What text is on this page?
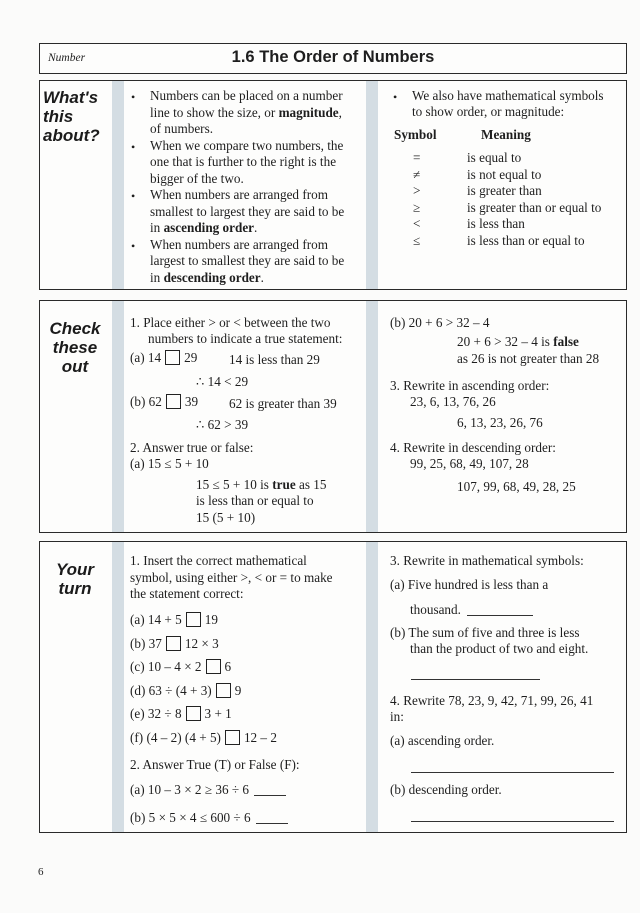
Number	1.6 The Order of Numbers
What's
this
about?
• Numbers can be placed on a number
line to show the size, or magnitude,
of numbers.
• When we compare two numbers, the
one that is further to the right is the
bigger of the two.
• When numbers are arranged from
smallest to largest they are said to be
in ascending order.
• When numbers are arranged from
largest to smallest they are said to be
in descending order.
• We also have mathematical symbols
to show order, or magnitude:
Symbol	Meaning
=	is equal to
≠	is not equal to
>	is greater than
≥	is greater than or equal to
<	is less than
≤	is less than or equal to
Check
these
out
1. Place either > or < between the two
numbers to indicate a true statement:
(a) 14 29 14 is less than 29
∴ 14 < 29
(b) 62 39 62 is greater than 39
∴ 62 > 39
2. Answer true or false:
(a) 15 ≤ 5 + 10
15 ≤ 5 + 10 is true as 15
is less than or equal to
15 (5 + 10)
(b) 20 + 6 > 32 – 4
20 + 6 > 32 – 4 is false
as 26 is not greater than 28
3. Rewrite in ascending order:
23, 6, 13, 76, 26
6, 13, 23, 26, 76
4. Rewrite in descending order:
99, 25, 68, 49, 107, 28
107, 99, 68, 49, 28, 25
Your
turn
1. Insert the correct mathematical
symbol, using either >, < or = to make
the statement correct:
(a) 14 + 5 19
(b) 37 12 × 3
(c) 10 – 4 × 2 6
(d) 63 ÷ (4 + 3) 9
(e) 32 ÷ 8 3 + 1
(f) (4 – 2) (4 + 5) 12 – 2
2. Answer True (T) or False (F):
(a) 10 – 3 × 2 ≥ 36 ÷ 6
(b) 5 × 5 × 4 ≤ 600 ÷ 6
3. Rewrite in mathematical symbols:
(a) Five hundred is less than a
thousand.
(b) The sum of five and three is less
than the product of two and eight.
4. Rewrite 78, 23, 9, 42, 71, 99, 26, 41
in:
(a) ascending order.
(b) descending order.
6
